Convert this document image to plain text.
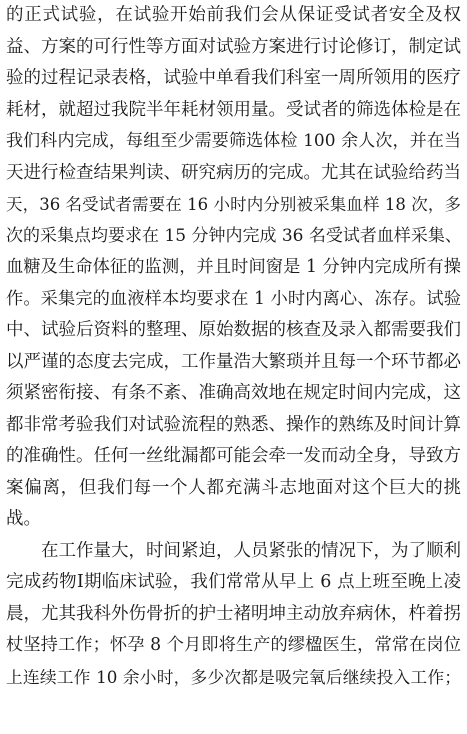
的正式试验，在试验开始前我们会从保证受试者安全及权
益、方案的可行性等方面对试验方案进行讨论修订，制定试
验的过程记录表格，试验中单看我们科室一周所领用的医疗
耗材，就超过我院半年耗材领用量。受试者的筛选体检是在
我们科内完成，每组至少需要筛选体检 100 余人次，并在当
天进行检查结果判读、研究病历的完成。尤其在试验给药当
天，36 名受试者需要在 16 小时内分别被采集血样 18 次，多
次的采集点均要求在 15 分钟内完成 36 名受试者血样采集、
血糖及生命体征的监测，并且时间窗是 1 分钟内完成所有操
作。采集完的血液样本均要求在 1 小时内离心、冻存。试验
中、试验后资料的整理、原始数据的核查及录入都需要我们
以严谨的态度去完成，工作量浩大繁琐并且每一个环节都必
须紧密衔接、有条不紊、准确高效地在规定时间内完成，这
都非常考验我们对试验流程的熟悉、操作的熟练及时间计算
的准确性。任何一丝纰漏都可能会牵一发而动全身，导致方
案偏离，但我们每一个人都充满斗志地面对这个巨大的挑
战。
在工作量大，时间紧迫，人员紧张的情况下，为了顺利
完成药物Ⅰ期临床试验，我们常常从早上 6 点上班至晚上凌
晨，尤其我科外伤骨折的护士褚明坤主动放弃病休，杵着拐
杖坚持工作；怀孕 8 个月即将生产的缪楹医生，常常在岗位
上连续工作 10 余小时，多少次都是吸完氧后继续投入工作；
